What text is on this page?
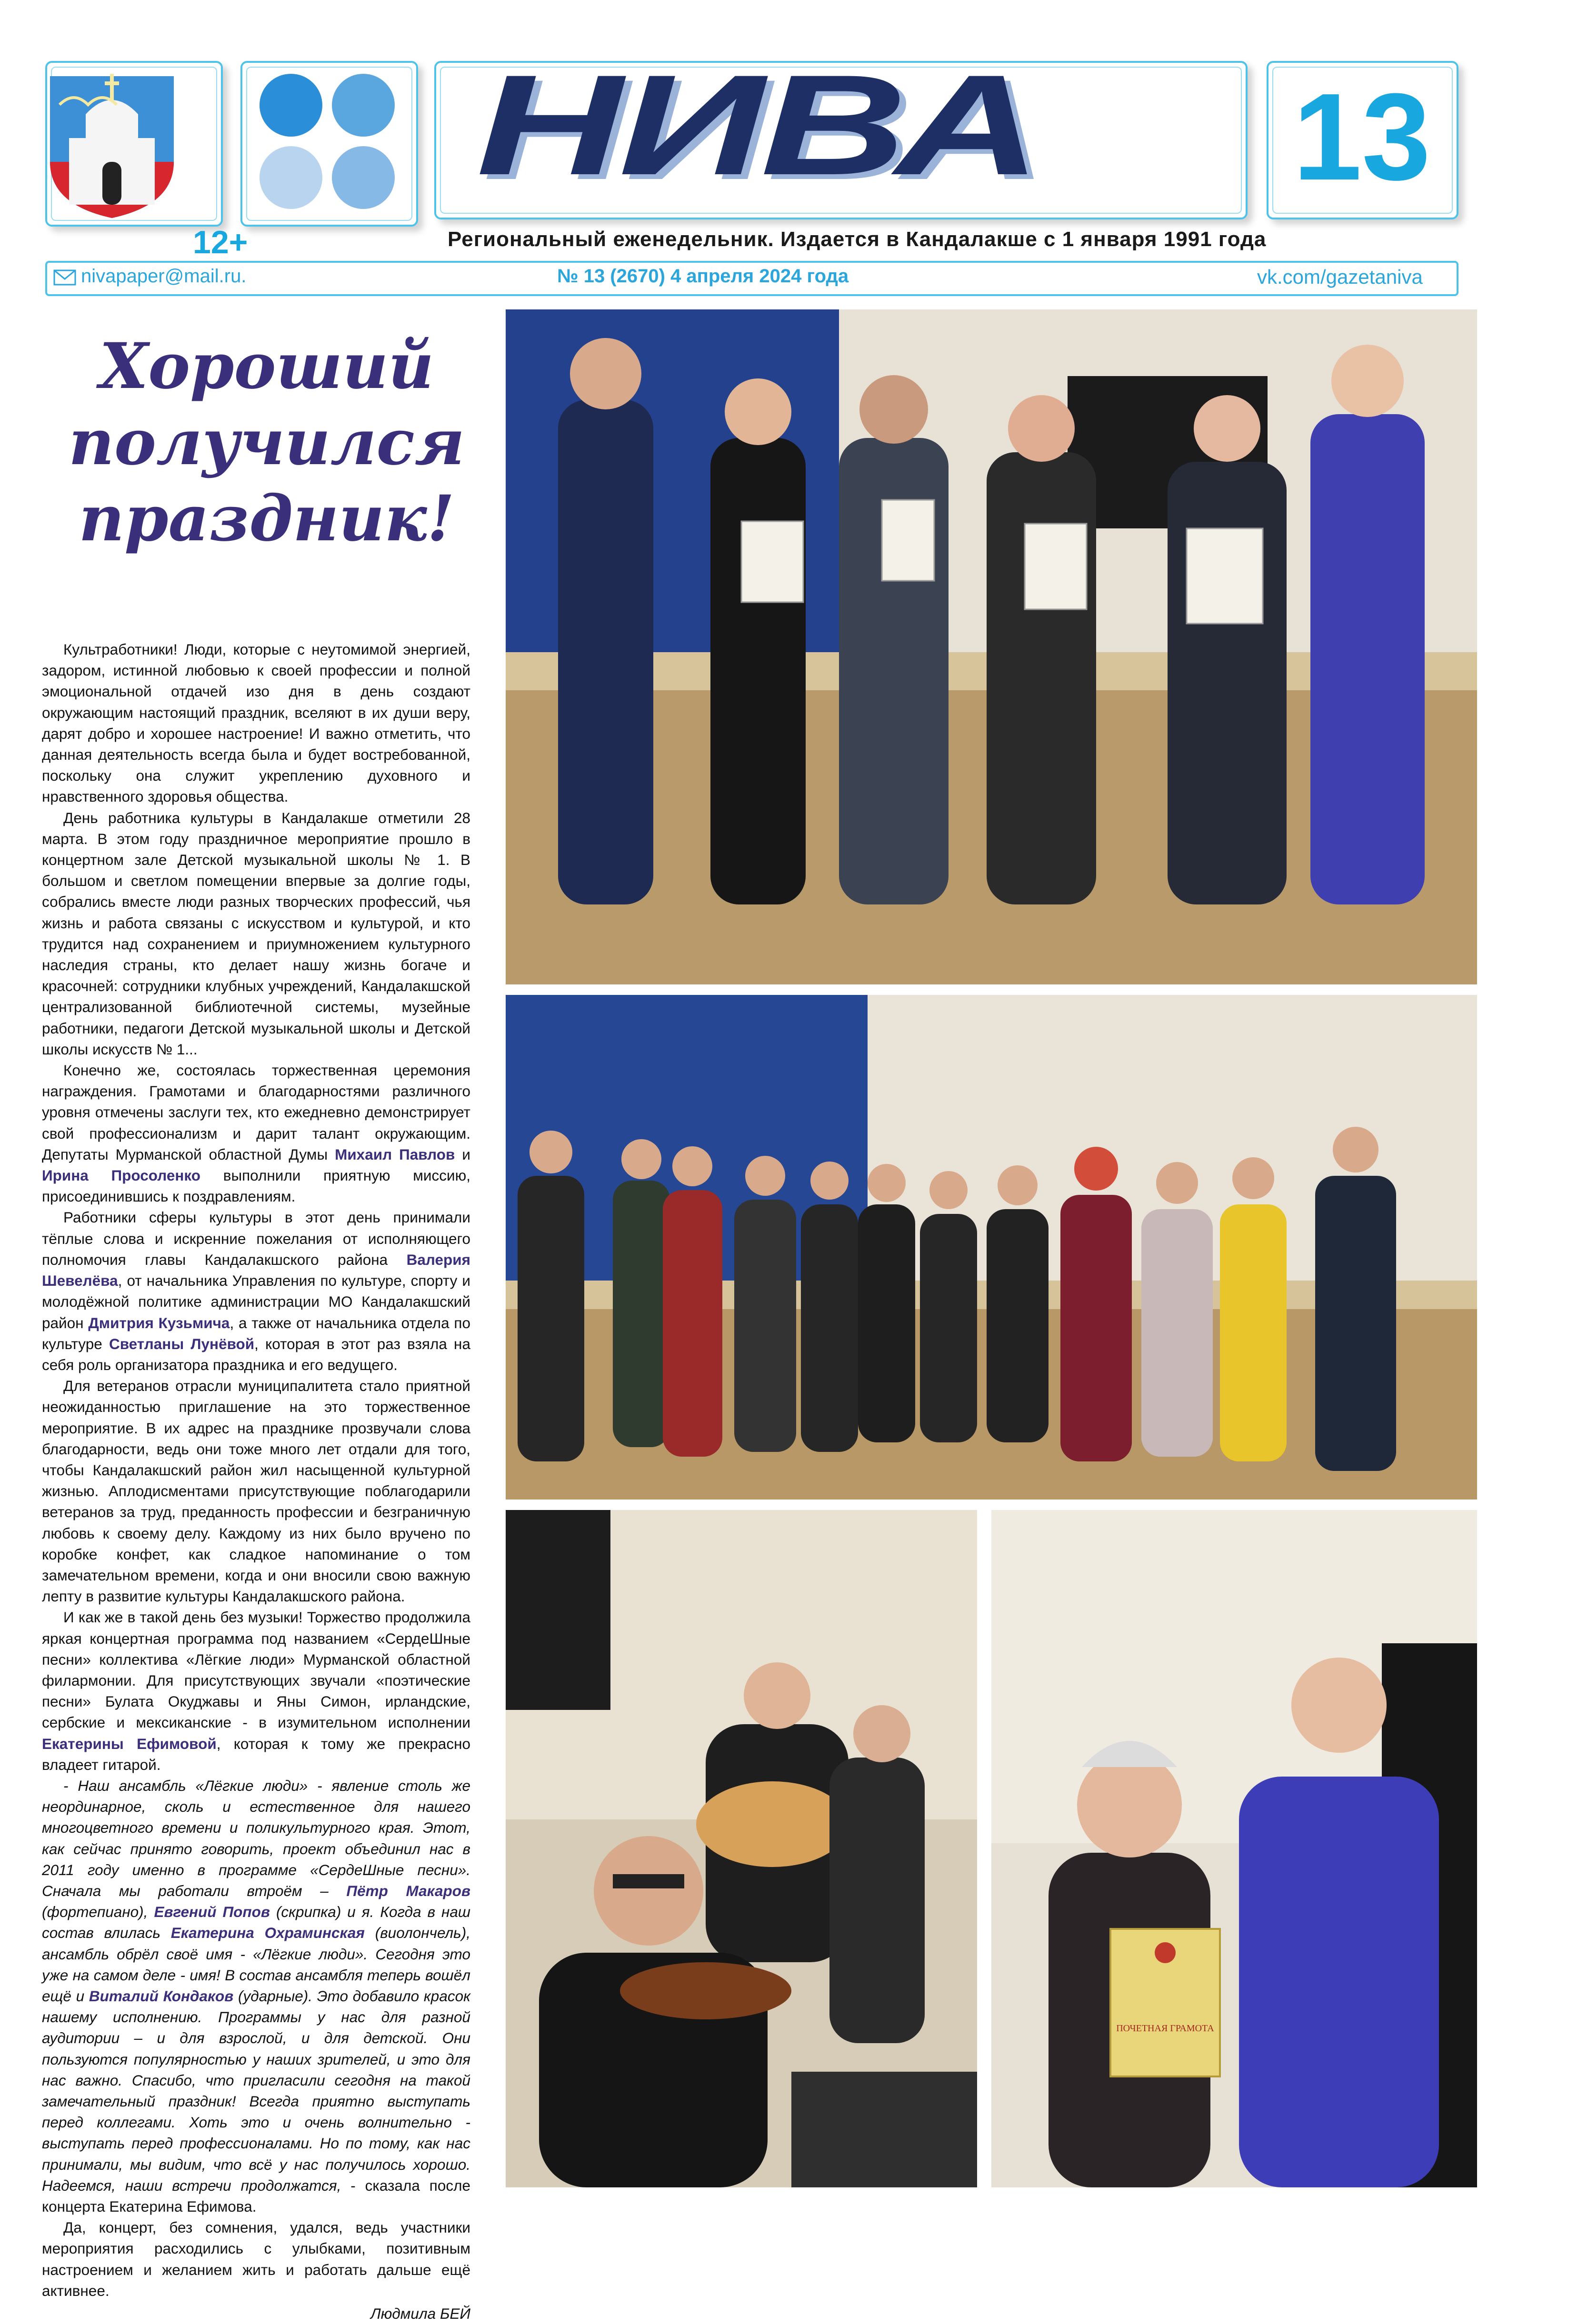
НИВА	13
12+	Региональный еженедельник. Издается в Кандалакше с 1 января 1991 года
nivapaper@mail.ru.	№ 13 (2670) 4 апреля 2024 года	vk.com/gazetaniva
Хороший
получился
праздник!

Культработники! Люди, которые с неутомимой энергией, задором, истинной любовью к своей профессии и полной эмоциональной отдачей изо дня в день создают окружающим настоящий праздник, вселяют в их души веру, дарят добро и хорошее настроение! И важно отметить, что данная деятельность всегда была и будет востребованной, поскольку она служит укреплению духовного и нравственного здоровья общества.

День работника культуры в Кандалакше отметили 28 марта. В этом году праздничное мероприятие прошло в концертном зале Детской музыкальной школы № 1. В большом и светлом помещении впервые за долгие годы, собрались вместе люди разных творческих профессий, чья жизнь и работа связаны с искусством и культурой, и кто трудится над сохранением и приумножением культурного наследия страны, кто делает нашу жизнь богаче и красочней: сотрудники клубных учреждений, Кандалакшской централизованной библиотечной системы, музейные работники, педагоги Детской музыкальной школы и Детской школы искусств № 1...

Конечно же, состоялась торжественная церемония награждения. Грамотами и благодарностями различного уровня отмечены заслуги тех, кто ежедневно демонстрирует свой профессионализм и дарит талант окружающим. Депутаты Мурманской областной Думы Михаил Павлов и Ирина Просоленко выполнили приятную миссию, присоединившись к поздравлениям.

Работники сферы культуры в этот день принимали тёплые слова и искренние пожелания от исполняющего полномочия главы Кандалакшского района Валерия Шевелёва, от начальника Управления по культуре, спорту и молодёжной политике администрации МО Кандалакшский район Дмитрия Кузьмича, а также от начальника отдела по культуре Светланы Лунёвой, которая в этот раз взяла на себя роль организатора праздника и его ведущего.

Для ветеранов отрасли муниципалитета стало приятной неожиданностью приглашение на это торжественное мероприятие. В их адрес на празднике прозвучали слова благодарности, ведь они тоже много лет отдали для того, чтобы Кандалакшский район жил насыщенной культурной жизнью. Аплодисментами присутствующие поблагодарили ветеранов за труд, преданность профессии и безграничную любовь к своему делу. Каждому из них было вручено по коробке конфет, как сладкое напоминание о том замечательном времени, когда и они вносили свою важную лепту в развитие культуры Кандалакшского района.

И как же в такой день без музыки! Торжество продолжила яркая концертная программа под названием «СердеШные песни» коллектива «Лёгкие люди» Мурманской областной филармонии. Для присутствующих звучали «поэтические песни» Булата Окуджавы и Яны Симон, ирландские, сербские и мексиканские - в изумительном исполнении Екатерины Ефимовой, которая к тому же прекрасно владеет гитарой.

- Наш ансамбль «Лёгкие люди» - явление столь же неординарное, сколь и естественное для нашего многоцветного времени и поликультурного края. Этот, как сейчас принято говорить, проект объединил нас в 2011 году именно в программе «СердеШные песни». Сначала мы работали втроём – Пётр Макаров (фортепиано), Евгений Попов (скрипка) и я. Когда в наш состав влилась Екатерина Охраминская (виолончель), ансамбль обрёл своё имя - «Лёгкие люди». Сегодня это уже на самом деле - имя! В состав ансамбля теперь вошёл ещё и Виталий Кондаков (ударные). Это добавило красок нашему исполнению. Программы у нас для разной аудитории – и для взрослой, и для детской. Они пользуются популярностью у наших зрителей, и это для нас важно. Спасибо, что пригласили сегодня на такой замечательный праздник! Всегда приятно выступать перед коллегами. Хоть это и очень волнительно - выступать перед профессионалами. Но по тому, как нас принимали, мы видим, что всё у нас получилось хорошо. Надеемся, наши встречи продолжатся, - сказала после концерта Екатерина Ефимова.

Да, концерт, без сомнения, удался, ведь участники мероприятия расходились с улыбками, позитивным настроением и желанием жить и работать дальше ещё активнее.

Людмила БЕЙ
ПОЧЕТНАЯ ГРАМОТА
